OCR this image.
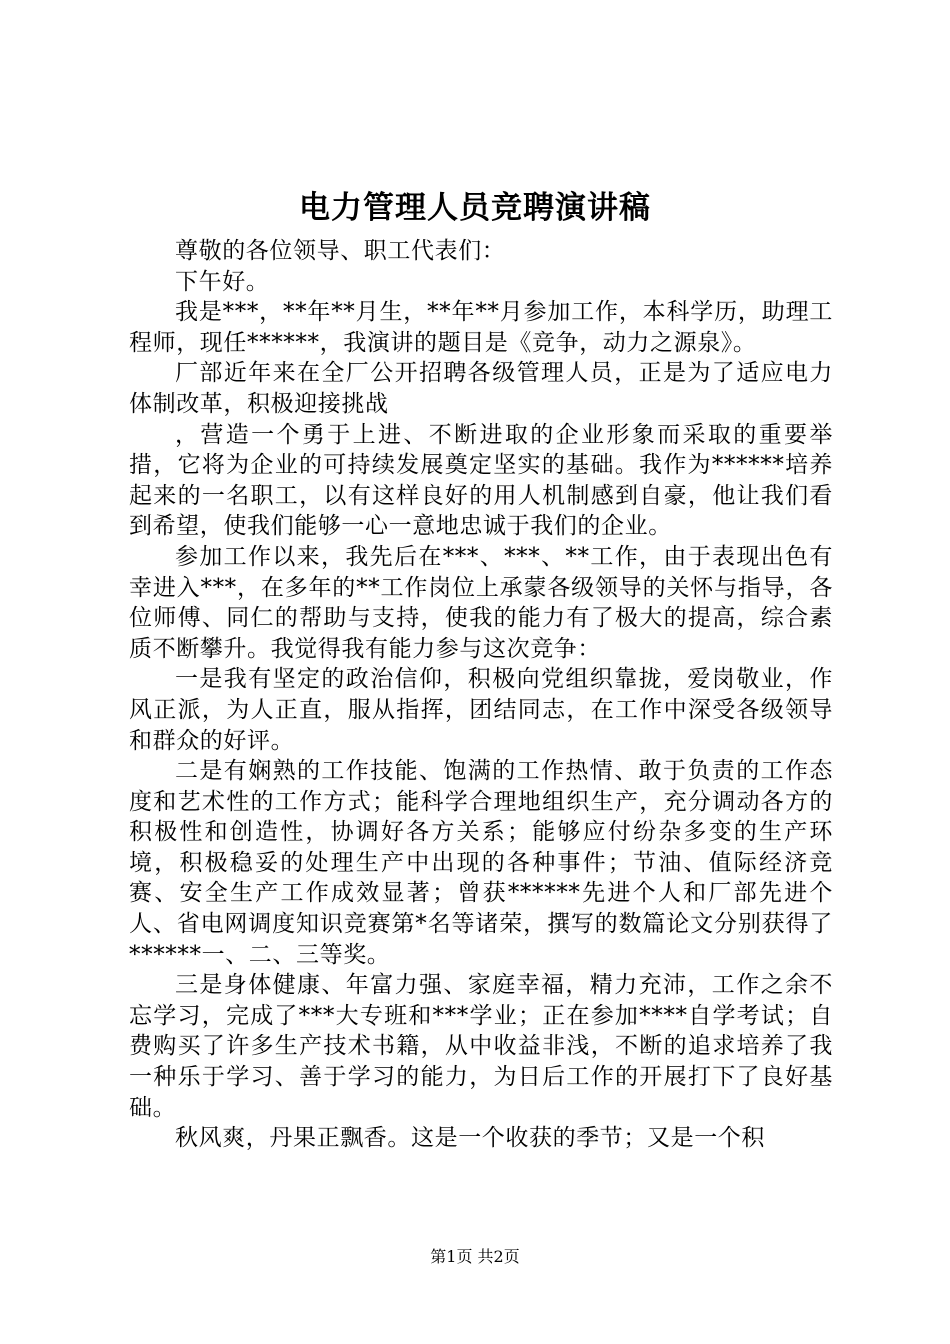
电力管理人员竞聘演讲稿

尊敬的各位领导、职工代表们：

下午好。

我是***，**年**月生，**年**月参加工作，本科学历，助理工程师，现任******，我演讲的题目是《竞争，动力之源泉》。

厂部近年来在全厂公开招聘各级管理人员，正是为了适应电力体制改革，积极迎接挑战

，营造一个勇于上进、不断进取的企业形象而采取的重要举措，它将为企业的可持续发展奠定坚实的基础。我作为******培养起来的一名职工，以有这样良好的用人机制感到自豪，他让我们看到希望，使我们能够一心一意地忠诚于我们的企业。

参加工作以来，我先后在***、***、**工作，由于表现出色有幸进入***，在多年的**工作岗位上承蒙各级领导的关怀与指导，各位师傅、同仁的帮助与支持，使我的能力有了极大的提高，综合素质不断攀升。我觉得我有能力参与这次竞争：

一是我有坚定的政治信仰，积极向党组织靠拢，爱岗敬业，作风正派，为人正直，服从指挥，团结同志，在工作中深受各级领导和群众的好评。

二是有娴熟的工作技能、饱满的工作热情、敢于负责的工作态度和艺术性的工作方式；能科学合理地组织生产，充分调动各方的积极性和创造性，协调好各方关系；能够应付纷杂多变的生产环境，积极稳妥的处理生产中出现的各种事件；节油、值际经济竞赛、安全生产工作成效显著；曾获******先进个人和厂部先进个人、省电网调度知识竞赛第*名等诸荣，撰写的数篇论文分别获得了******一、二、三等奖。

三是身体健康、年富力强、家庭幸福，精力充沛，工作之余不忘学习，完成了***大专班和***学业；正在参加****自学考试；自费购买了许多生产技术书籍，从中收益非浅，不断的追求培养了我一种乐于学习、善于学习的能力，为日后工作的开展打下了良好基础。

秋风爽，丹果正飘香。这是一个收获的季节；又是一个积

第1页 共2页
